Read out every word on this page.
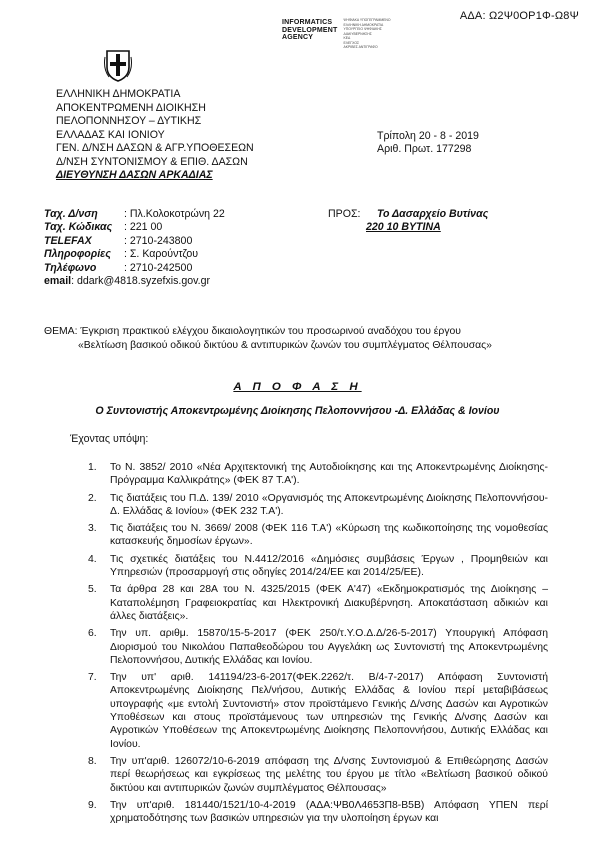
ΑΔΑ: Ω2Ψ0ΟΡ1Φ-Ω8Ψ
INFORMATICS
DEVELOPMENT
AGENCY
ΨΗΦΙΑΚΑ ΥΠΟΓΕΓΡΑΜΜΕΝΟ
ΕΛΛΗΝΙΚΗ ΔΗΜΟΚΡΑΤΙΑ
ΥΠΟΥΡΓΕΙΟ ΨΗΦΙΑΚΗΣ
ΔΙΑΚΥΒΕΡΝΗΣΗΣ
ΚΕΔ
ΕΛΕΓΧΟΣ
ΑΚΡΙΒΕΣ ΑΝΤΙΓΡΑΦΟ
ΕΛΛΗΝΙΚΗ ΔΗΜΟΚΡΑΤΙΑ
ΑΠΟΚΕΝΤΡΩΜΕΝΗ ΔΙΟΙΚΗΣΗ
ΠΕΛΟΠΟΝΝΗΣΟΥ – ΔΥΤΙΚΗΣ
ΕΛΛΑΔΑΣ ΚΑΙ ΙΟΝΙΟΥ
ΓΕΝ. Δ/ΝΣΗ ΔΑΣΩΝ & ΑΓΡ.ΥΠΟΘΕΣΕΩΝ
Δ/ΝΣΗ ΣΥΝΤΟΝΙΣΜΟΥ & ΕΠΙΘ. ΔΑΣΩΝ
ΔΙΕΥΘΥΝΣΗ ΔΑΣΩΝ ΑΡΚΑΔΙΑΣ
Τρίπολη 20 - 8 - 2019
Αριθ. Πρωτ. 177298
Ταχ. Δ/νση	: Πλ.Κολοκοτρώνη 22
Ταχ. Κώδικας	: 221 00
TELEFAX	: 2710-243800
Πληροφορίες	: Σ. Καρούντζου
Τηλέφωνο	: 2710-242500
email : ddark@4818.syzefxis.gov.gr
ΠΡΟΣ: Το Δασαρχείο Βυτίνας
220 10 ΒΥΤΙΝΑ
ΘΕΜΑ: Έγκριση πρακτικού ελέγχου δικαιολογητικών του προσωρινού αναδόχου του έργου
«Βελτίωση βασικού οδικού δικτύου & αντιπυρικών ζωνών του συμπλέγματος Θέλπουσας»
Α Π Ο Φ Α Σ Η
Ο Συντονιστής Αποκεντρωμένης Διοίκησης Πελοποννήσου -Δ. Ελλάδας & Ιονίου
Έχοντας υπόψη:
1.	Το Ν. 3852/ 2010 «Νέα Αρχιτεκτονική της Αυτοδιοίκησης και της Αποκεντρωμένης Διοίκησης- Πρόγραμμα Καλλικράτης» (ΦΕΚ 87 Τ.Α').
2.	Τις διατάξεις του Π.Δ. 139/ 2010 «Οργανισμός της Αποκεντρωμένης Διοίκησης Πελοποννήσου-Δ. Ελλάδας & Ιονίου» (ΦΕΚ 232 Τ.Α').
3.	Τις διατάξεις του Ν. 3669/ 2008 (ΦΕΚ 116 Τ.Α') «Κύρωση της κωδικοποίησης της νομοθεσίας κατασκευής δημοσίων έργων».
4.	Τις σχετικές διατάξεις του Ν.4412/2016 «Δημόσιες συμβάσεις Έργων , Προμηθειών και Υπηρεσιών (προσαρμογή στις οδηγίες 2014/24/ΕΕ και 2014/25/ΕΕ).
5.	Τα άρθρα 28 και 28Α του Ν. 4325/2015 (ΦΕΚ Α'47) «Εκδημοκρατισμός της Διοίκησης –Καταπολέμηση Γραφειοκρατίας και Ηλεκτρονική Διακυβέρνηση. Αποκατάσταση αδικιών και άλλες διατάξεις».
6.	Την υπ. αριθμ. 15870/15-5-2017 (ΦΕΚ 250/τ.Υ.Ο.Δ.Δ/26-5-2017) Υπουργική Απόφαση Διορισμού του Νικολάου Παπαθεοδώρου του Αγγελάκη ως Συντονιστή της Αποκεντρωμένης Πελοποννήσου, Δυτικής Ελλάδας και Ιονίου.
7.	Την υπ' αριθ. 141194/23-6-2017(ΦΕΚ.2262/τ. Β/4-7-2017) Απόφαση Συντονιστή Αποκεντρωμένης Διοίκησης Πελ/νήσου, Δυτικής Ελλάδας & Ιονίου περί μεταβιβάσεως υπογραφής «με εντολή Συντονιστή» στον προϊστάμενο Γενικής Δ/νσης Δασών και Αγροτικών Υποθέσεων και στους προϊστάμενους των υπηρεσιών της Γενικής Δ/νσης Δασών και Αγροτικών Υποθέσεων της Αποκεντρωμένης Διοίκησης Πελοποννήσου, Δυτικής Ελλάδας και Ιονίου.
8.	Την υπ'αριθ. 126072/10-6-2019 απόφαση της Δ/νσης Συντονισμού & Επιθεώρησης Δασών περί θεωρήσεως και εγκρίσεως της μελέτης του έργου με τίτλο «Βελτίωση βασικού οδικού δικτύου και αντιπυρικών ζωνών συμπλέγματος Θέλπουσας»
9.	Την υπ'αριθ. 181440/1521/10-4-2019 (ΑΔΑ:ΨΒ0Λ4653Π8-Β5Β) Απόφαση ΥΠΕΝ περί χρηματοδότησης των βασικών υπηρεσιών για την υλοποίηση έργων και
